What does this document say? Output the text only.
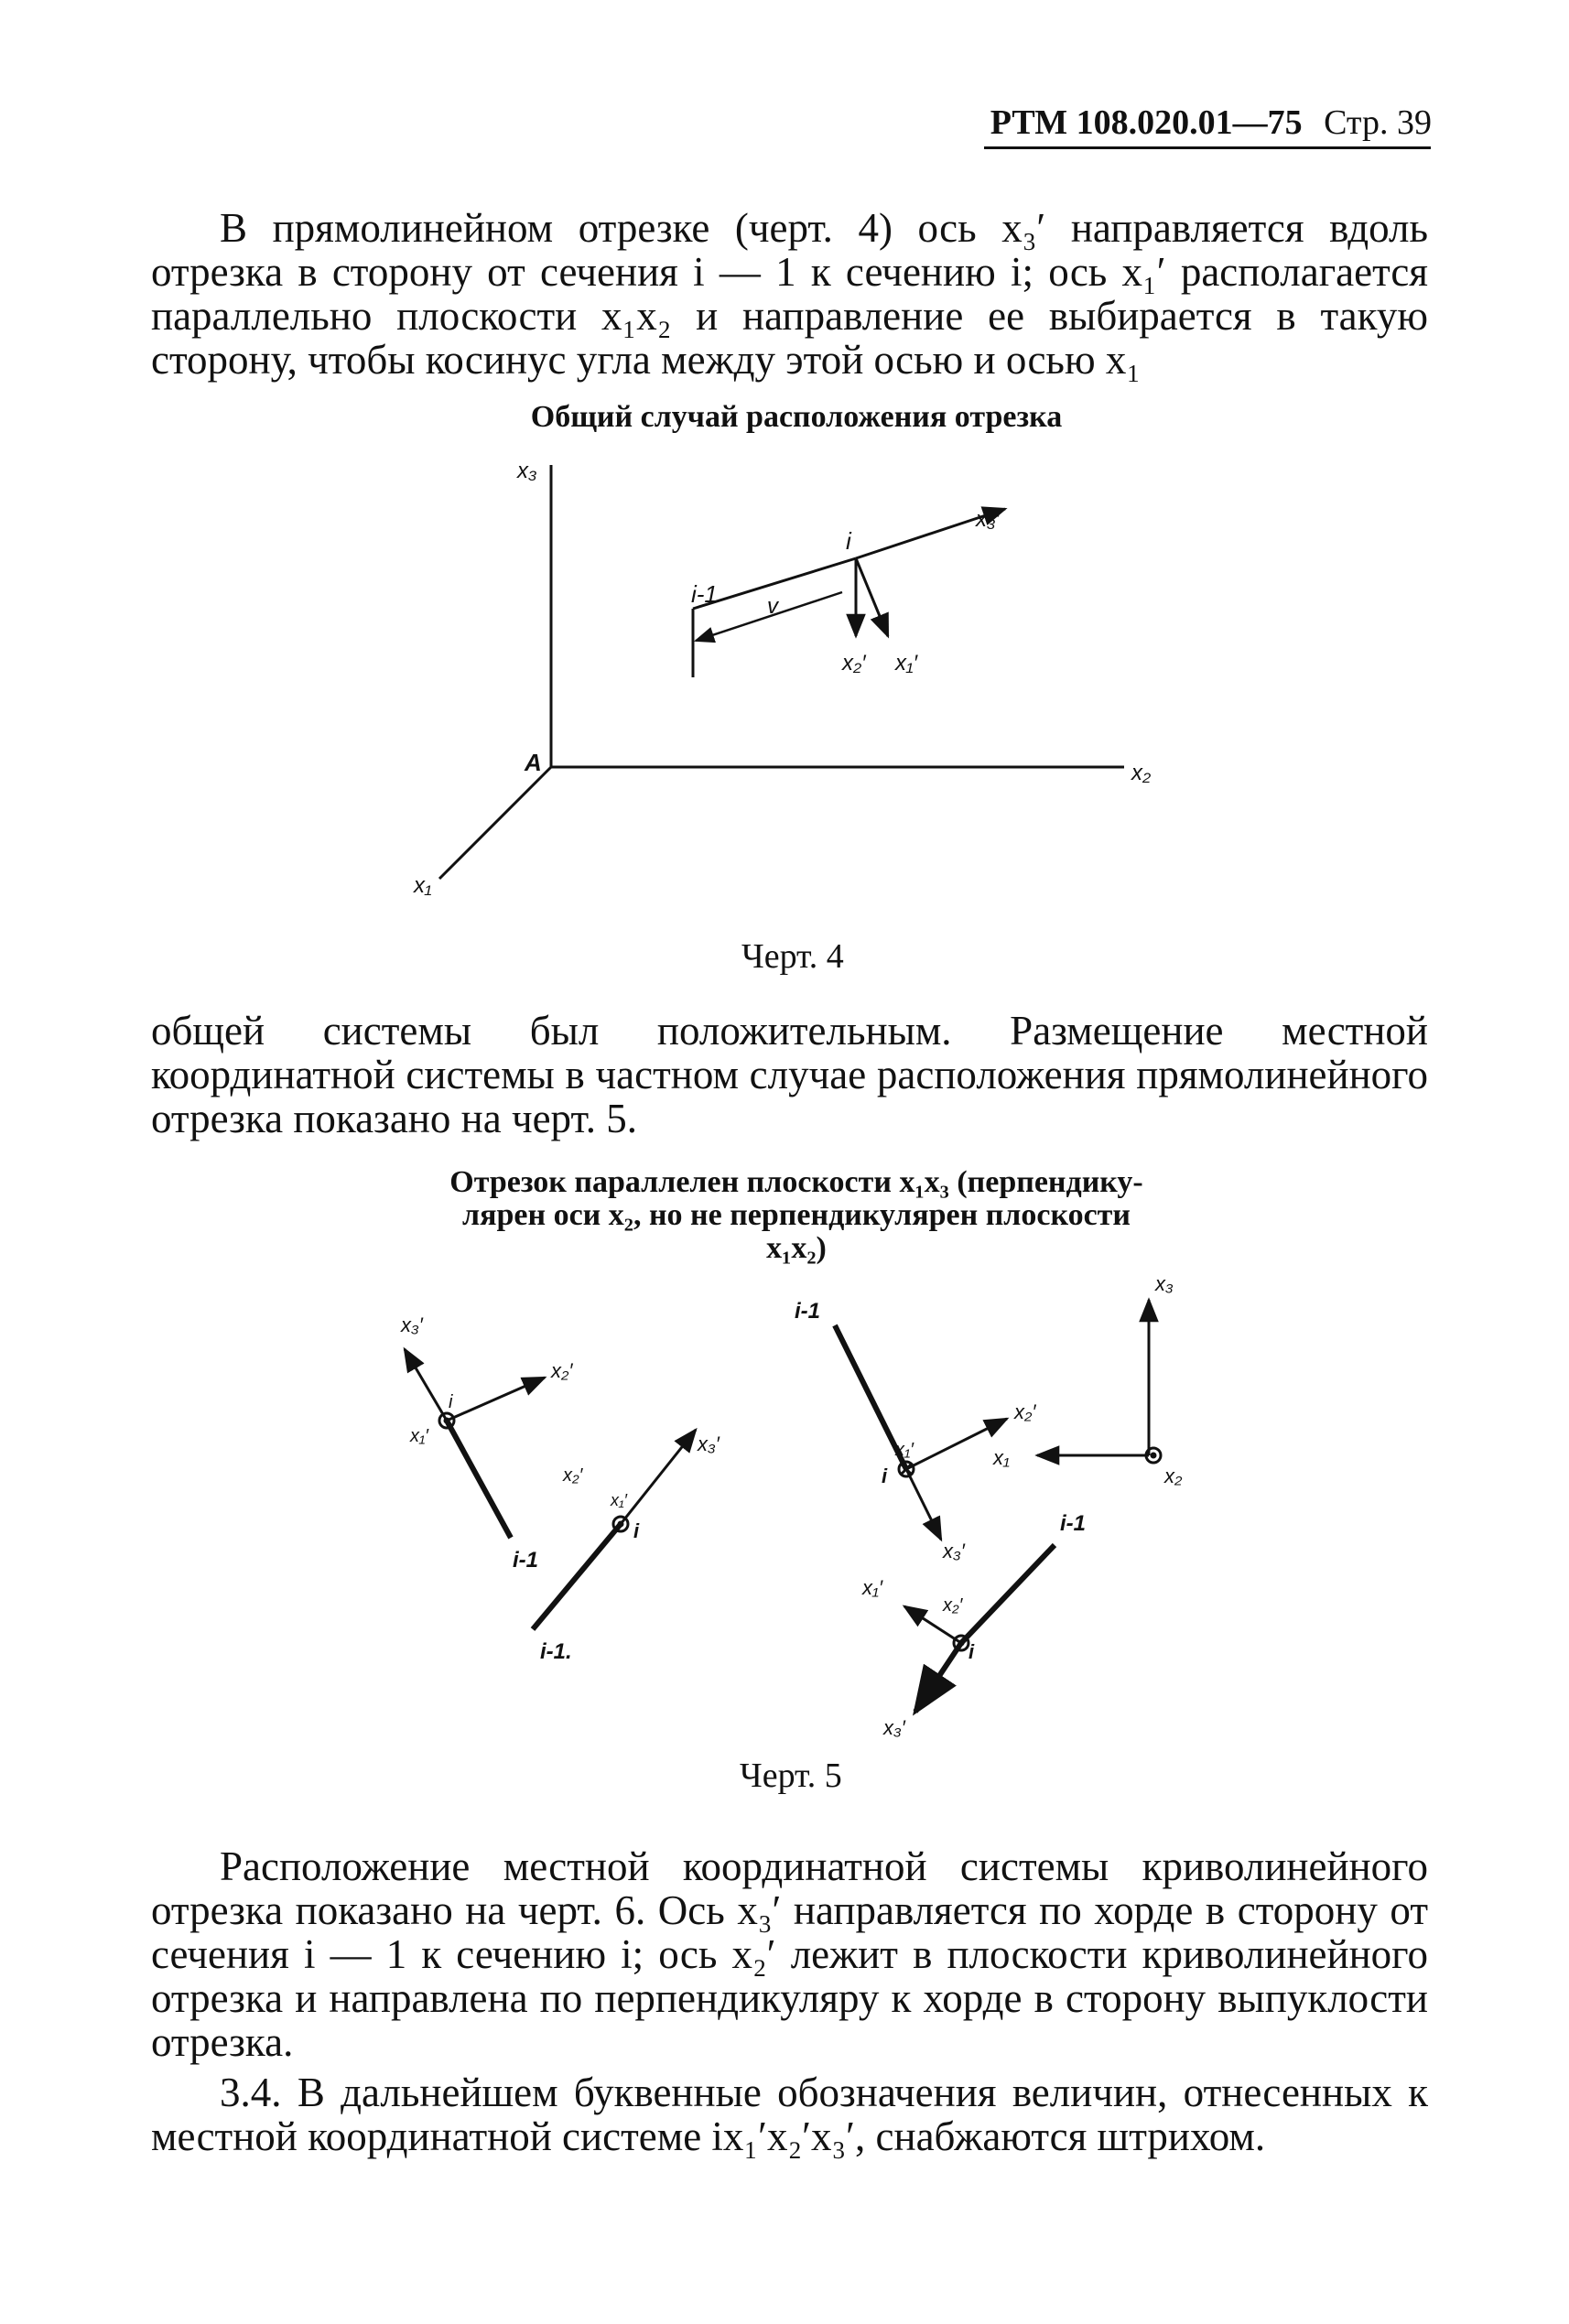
РТМ 108.020.01—75 Стр. 39
В прямолинейном отрезке (черт. 4) ось x₃′ направляется вдоль отрезка в сторону от сечения i — 1 к сечению i; ось x₁′ располагается параллельно плоскости x₁x₂ и направление ее выбирается в такую сторону, чтобы косинус угла между этой осью и осью x₁
Общий случай расположения отрезка
общей системы был положительным. Размещение местной координатной системы в частном случае расположения прямолинейного отрезка показано на черт. 5.
Отрезок параллелен плоскости x₁x₃ (перпендику-
лярен оси x₂, но не перпендикулярен плоскости
x₁x₂)
Расположение местной координатной системы криволинейного отрезка показано на черт. 6. Ось x₃′ направляется по хорде в сторону от сечения i — 1 к сечению i; ось x₂′ лежит в плоскости криволинейного отрезка и направлена по перпендикуляру к хорде в сторону выпуклости отрезка.
3.4. В дальнейшем буквенные обозначения величин, отнесенных к местной координатной системе ix₁′x₂′x₃′, снабжаются штрихом.
Черт. 4
Черт. 5
x₃
x₂
x₁
A
i
i-1 v
x₃′
x₂′ x₁′
x₃′
x₂′
i
x₁′
i-1
x₃′
x₂′
x₁′
i
i-1.
i-1
x₂′
x₁′
i
x₃′
i-1
x₁′
x₂′
i
x₃′
x₃
x₁
x₂
